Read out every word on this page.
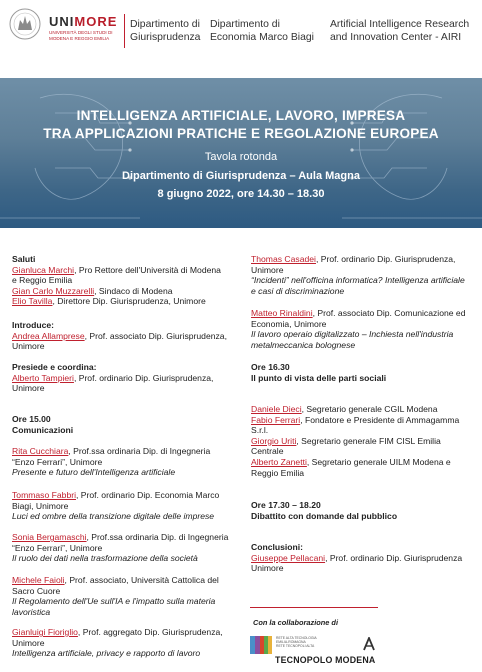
UNIMORE
UNIVERSITÀ DEGLI STUDI DI MODENA E REGGIO EMILIA
Dipartimento di
Giurisprudenza
Dipartimento di
Economia Marco Biagi
Artificial Intelligence Research
and Innovation Center - AIRI
INTELLIGENZA ARTIFICIALE, LAVORO, IMPRESA
TRA APPLICAZIONI PRATICHE E REGOLAZIONE EUROPEA
Tavola rotonda
Dipartimento di Giurisprudenza – Aula Magna
8 giugno 2022, ore 14.30 – 18.30
Saluti
Gianluca Marchi, Pro Rettore dell'Università di Modena
e Reggio Emilia
Gian Carlo Muzzarelli, Sindaco di Modena
Elio Tavilla, Direttore Dip. Giurisprudenza, Unimore
Introduce:
Andrea Allamprese, Prof. associato Dip. Giurisprudenza,
Unimore
Presiede e coordina:
Alberto Tampieri, Prof. ordinario Dip. Giurisprudenza,
Unimore
Ore 15.00
Comunicazioni
Rita Cucchiara, Prof.ssa ordinaria Dip. di Ingegneria
“Enzo Ferrari”, Unimore
Presente e futuro dell'Intelligenza artificiale
Tommaso Fabbri, Prof. ordinario Dip. Economia Marco
Biagi, Unimore
Luci ed ombre della transizione digitale delle imprese
Sonia Bergamaschi, Prof.ssa ordinaria Dip. di Ingegneria
“Enzo Ferrari”, Unimore
Il ruolo dei dati nella trasformazione della società
Michele Faioli, Prof. associato, Università Cattolica del
Sacro Cuore
Il Regolamento dell'Ue sull'IA e l'impatto sulla materia
lavoristica
Gianluigi Fioriglio, Prof. aggregato Dip. Giurisprudenza,
Unimore
Intelligenza artificiale, privacy e rapporto di lavoro
Thomas Casadei, Prof. ordinario Dip. Giurisprudenza,
Unimore
“Incidenti” nell'officina informatica? Intelligenza artificiale
e casi di discriminazione
Matteo Rinaldini, Prof. associato Dip. Comunicazione ed
Economia, Unimore
Il lavoro operaio digitalizzato – Inchiesta nell'industria
metalmeccanica bolognese
Ore 16.30
Il punto di vista delle parti sociali
Daniele Dieci, Segretario generale CGIL Modena
Fabio Ferrari, Fondatore e Presidente di Ammagamma
S.r.l.
Giorgio Uriti, Segretario generale FIM CISL Emilia
Centrale
Alberto Zanetti, Segretario generale UILM Modena e
Reggio Emilia
Ore 17.30 – 18.20
Dibattito con domande dal pubblico
Conclusioni:
Giuseppe Pellacani, Prof. ordinario Dip. Giurisprudenza
Unimore
Con la collaborazione di
RETE ALTA TECNOLOGIA
EMILIA-ROMAGNA
RETE TECNOPOLI ALTA
TECNOPOLO MODENA
